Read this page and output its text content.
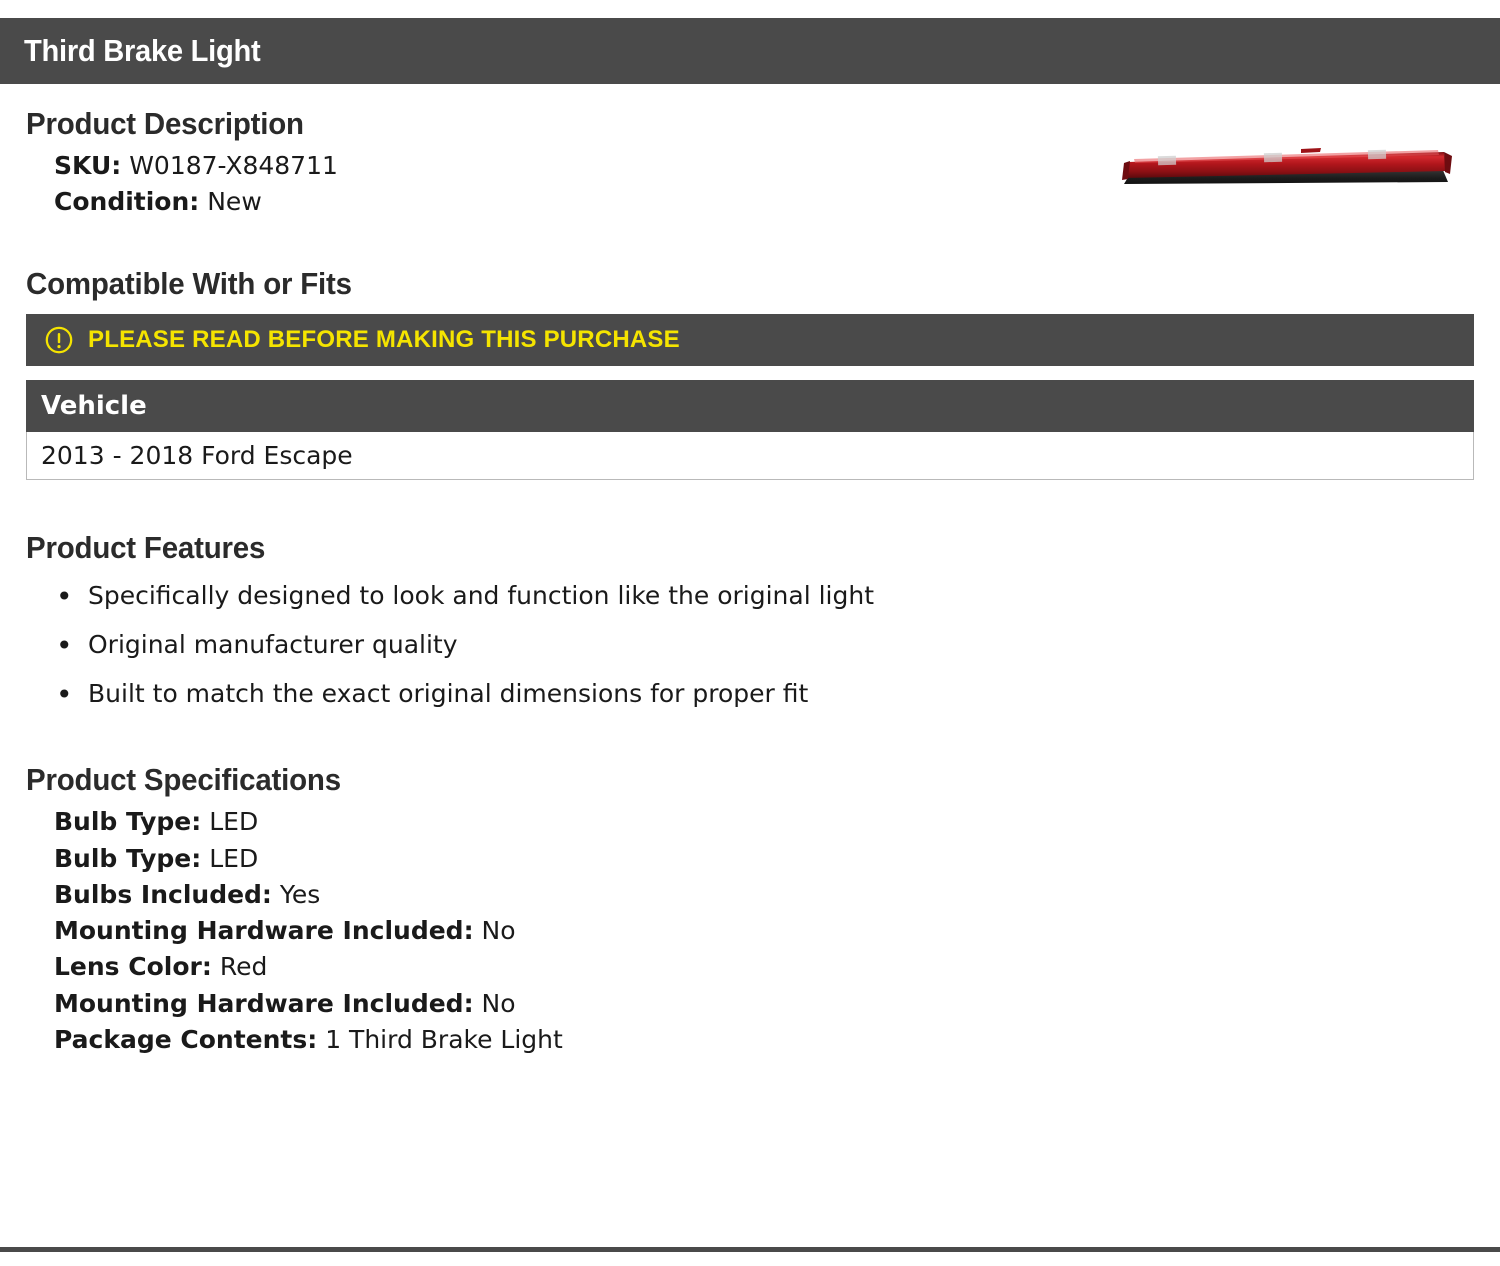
Third Brake Light
Product Description
SKU: W0187-X848711
Condition: New
Compatible With or Fits
PLEASE READ BEFORE MAKING THIS PURCHASE
Vehicle
2013 - 2018 Ford Escape
Product Features
• Specifically designed to look and function like the original light
• Original manufacturer quality
• Built to match the exact original dimensions for proper fit
Product Specifications
Bulb Type: LED
Bulb Type: LED
Bulbs Included: Yes
Mounting Hardware Included: No
Lens Color: Red
Mounting Hardware Included: No
Package Contents: 1 Third Brake Light
